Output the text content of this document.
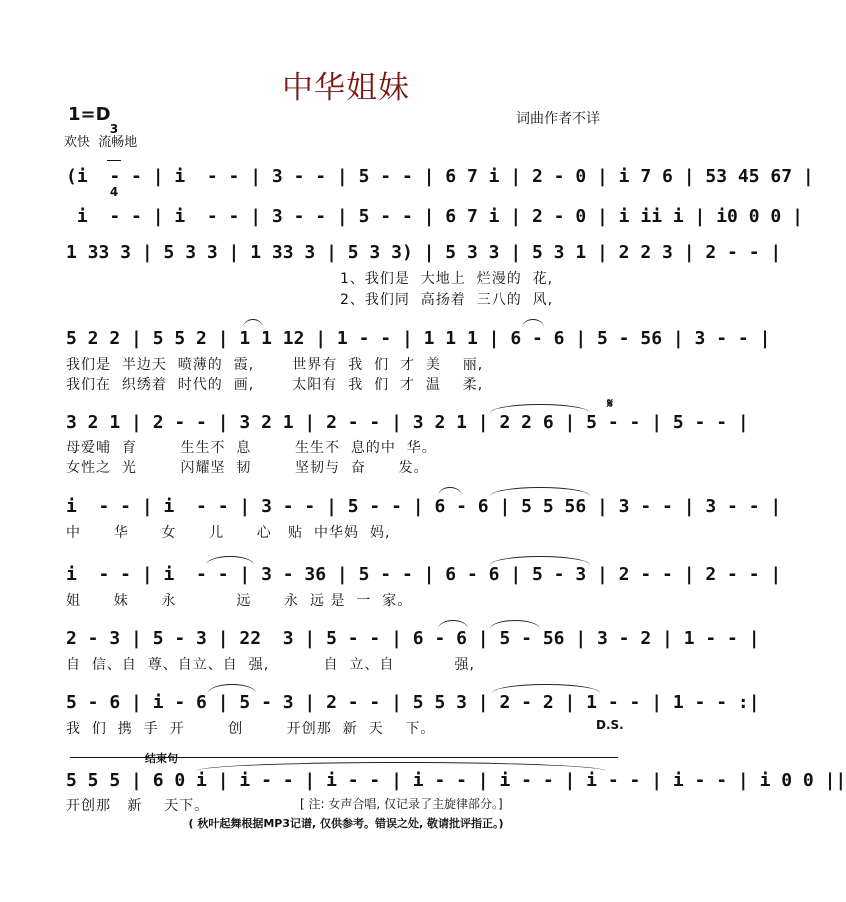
中华姐妹
1=D

3

4

欢快  流畅地
词曲作者不详
(i  - - | i  - - | 3 - - | 5 - - | 6 7 i | 2 - 0 | i 7 6 | 53 45 67 |
i  - - | i  - - | 3 - - | 5 - - | 6 7 i | 2 - 0 | i ii i | i0 0 0 |
1 33 3 | 5 3 3 | 1 33 3 | 5 3 3) | 5 3 3 | 5 3 1 | 2 2 3 | 2 - - |
1、我们是  大地上  烂漫的  花,
2、我们同  高扬着  三八的  风,
5 2 2 | 5 5 2 | 1 1 12 | 1 - - | 1 1 1 | 6 - 6 | 5 - 56 | 3 - - |
我们是  半边天  喷薄的  霞,       世界有  我  们  才  美    丽,
我们在  织绣着  时代的  画,       太阳有  我  们  才  温    柔,
3 2 1 | 2 - - | 3 2 1 | 2 - - | 3 2 1 | 2 2 6 | 5 - - | 5 - - |
𝄋
母爱哺  育        生生不  息        生生不  息的中  华。
女性之  光        闪耀坚  韧        坚韧与  奋      发。
i  - - | i  - - | 3 - - | 5 - - | 6 - 6 | 5 5 56 | 3 - - | 3 - - |
中      华      女      儿      心   贴  中华妈  妈,
i  - - | i  - - | 3 - 36 | 5 - - | 6 - 6 | 5 - 3 | 2 - - | 2 - - |
姐      妹      永           远      永  远 是  一  家。
2 - 3 | 5 - 3 | 22  3 | 5 - - | 6 - 6 | 5 - 56 | 3 - 2 | 1 - - |
自  信、自  尊、自立、自  强,          自  立、自           强,
5 - 6 | i - 6 | 5 - 3 | 2 - - | 5 5 3 | 2 - 2 | 1 - - | 1 - - :|
我  们  携  手  开        创        开创那  新  天    下。	D.S.
结束句
5 5 5 | 6 0 i | i - - | i - - | i - - | i - - | i - - | i - - | i 0 0 ||
开创那   新    天下。	[ 注: 女声合唱, 仅记录了主旋律部分。]
( 秋叶起舞根据MP3记谱, 仅供参考。错误之处, 敬请批评指正。)
